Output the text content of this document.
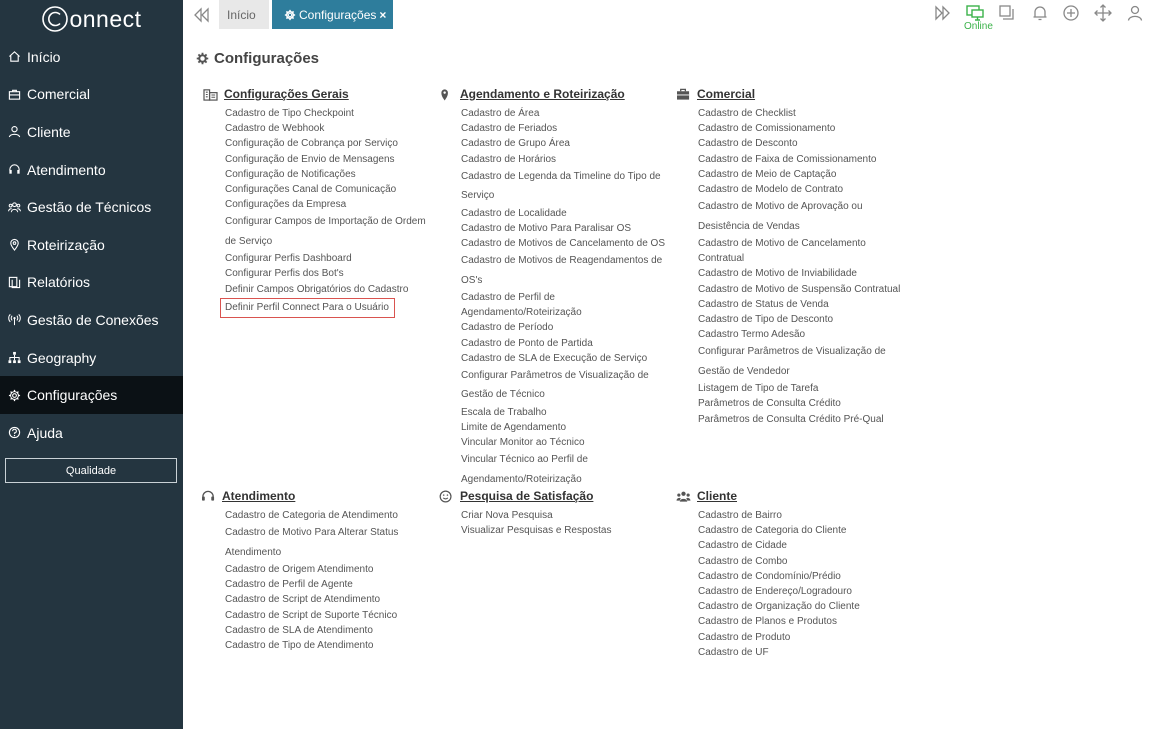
onnect
Início
Comercial
Cliente
Atendimento
Gestão de Técnicos
Roteirização
Relatórios
Gestão de Conexões
Geography
Configurações
Ajuda
Qualidade
Início	Configurações ×
Online
Configurações
Configurações Gerais
Cadastro de Tipo Checkpoint
Cadastro de Webhook
Configuração de Cobrança por Serviço
Configuração de Envio de Mensagens
Configuração de Notificações
Configurações Canal de Comunicação
Configurações da Empresa
Configurar Campos de Importação de Ordem de Serviço
Configurar Perfis Dashboard
Configurar Perfis dos Bot's
Definir Campos Obrigatórios do Cadastro
Definir Perfil Connect Para o Usuário
Agendamento e Roteirização
Cadastro de Área
Cadastro de Feriados
Cadastro de Grupo Área
Cadastro de Horários
Cadastro de Legenda da Timeline do Tipo de Serviço
Cadastro de Localidade
Cadastro de Motivo Para Paralisar OS
Cadastro de Motivos de Cancelamento de OS
Cadastro de Motivos de Reagendamentos de OS's
Cadastro de Perfil de Agendamento/Roteirização
Cadastro de Período
Cadastro de Ponto de Partida
Cadastro de SLA de Execução de Serviço
Configurar Parâmetros de Visualização de Gestão de Técnico
Escala de Trabalho
Limite de Agendamento
Vincular Monitor ao Técnico
Vincular Técnico ao Perfil de Agendamento/Roteirização
Comercial
Cadastro de Checklist
Cadastro de Comissionamento
Cadastro de Desconto
Cadastro de Faixa de Comissionamento
Cadastro de Meio de Captação
Cadastro de Modelo de Contrato
Cadastro de Motivo de Aprovação ou Desistência de Vendas
Cadastro de Motivo de Cancelamento Contratual
Cadastro de Motivo de Inviabilidade
Cadastro de Motivo de Suspensão Contratual
Cadastro de Status de Venda
Cadastro de Tipo de Desconto
Cadastro Termo Adesão
Configurar Parâmetros de Visualização de Gestão de Vendedor
Listagem de Tipo de Tarefa
Parâmetros de Consulta Crédito
Parâmetros de Consulta Crédito Pré-Qual
Atendimento
Cadastro de Categoria de Atendimento
Cadastro de Motivo Para Alterar Status Atendimento
Cadastro de Origem Atendimento
Cadastro de Perfil de Agente
Cadastro de Script de Atendimento
Cadastro de Script de Suporte Técnico
Cadastro de SLA de Atendimento
Cadastro de Tipo de Atendimento
Pesquisa de Satisfação
Criar Nova Pesquisa
Visualizar Pesquisas e Respostas
Cliente
Cadastro de Bairro
Cadastro de Categoria do Cliente
Cadastro de Cidade
Cadastro de Combo
Cadastro de Condomínio/Prédio
Cadastro de Endereço/Logradouro
Cadastro de Organização do Cliente
Cadastro de Planos e Produtos
Cadastro de Produto
Cadastro de UF
